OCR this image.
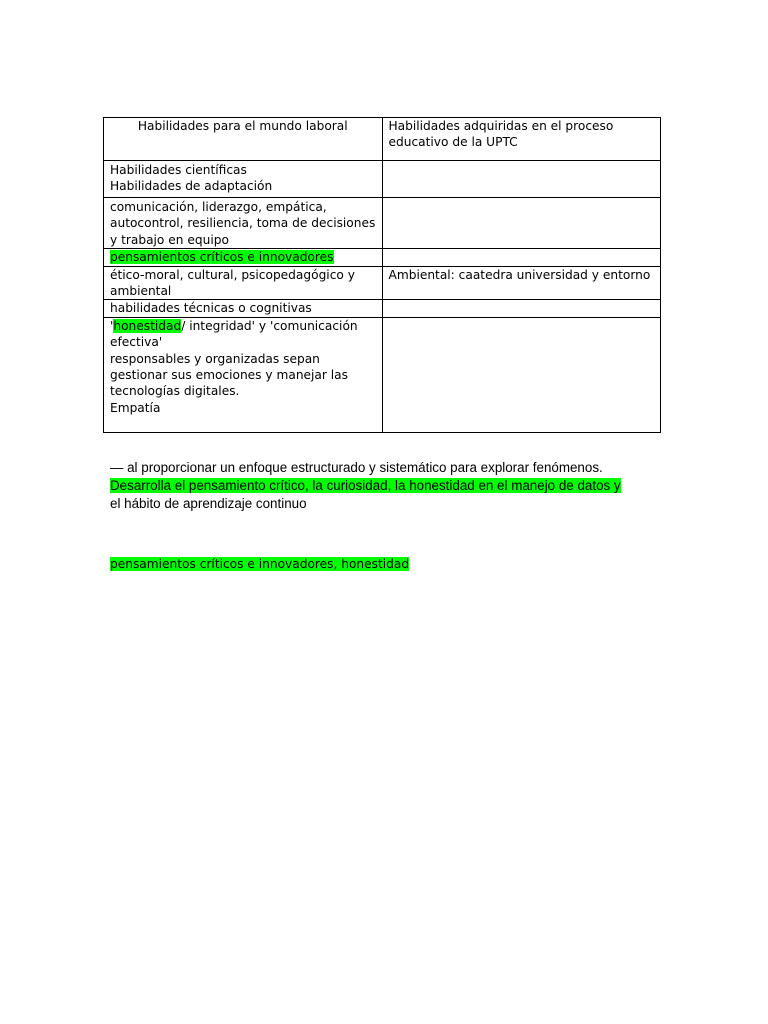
Habilidades para el mundo laboral	Habilidades adquiridas en el proceso educativo de la UPTC

Habilidades científicas
Habilidades de adaptación	

comunicación, liderazgo, empática, autocontrol, resiliencia, toma de decisiones y trabajo en equipo	

pensamientos críticos e innovadores	

ético-moral, cultural, psicopedagógico y ambiental	Ambiental: caatedra universidad y entorno

habilidades técnicas o cognitivas	

'honestidad/ integridad' y 'comunicación efectiva'
responsables y organizadas sepan gestionar sus emociones y manejar las tecnologías digitales.
Empatía	

— al proporcionar un enfoque estructurado y sistemático para explorar fenómenos.
Desarrolla el pensamiento crítico, la curiosidad, la honestidad en el manejo de datos y
el hábito de aprendizaje continuo
pensamientos críticos e innovadores, honestidad
